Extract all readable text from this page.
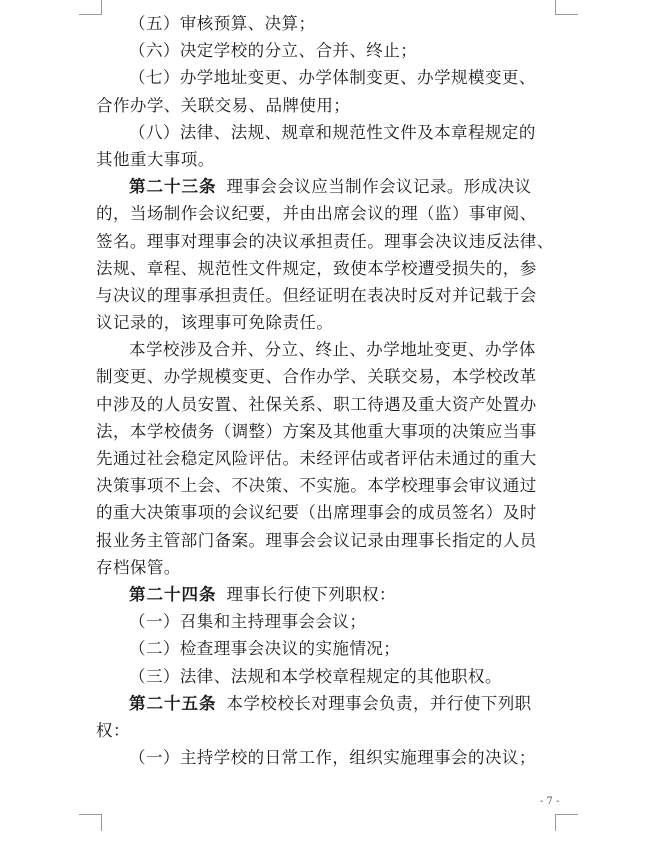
（五）审核预算、决算；
（六）决定学校的分立、合并、终止；
（七）办学地址变更、办学体制变更、办学规模变更、
合作办学、关联交易、品牌使用；
（八）法律、法规、规章和规范性文件及本章程规定的
其他重大事项。
第二十三条 理事会会议应当制作会议记录。形成决议
的，当场制作会议纪要，并由出席会议的理（监）事审阅、
签名。理事对理事会的决议承担责任。理事会决议违反法律、
法规、章程、规范性文件规定，致使本学校遭受损失的，参
与决议的理事承担责任。但经证明在表决时反对并记载于会
议记录的，该理事可免除责任。
本学校涉及合并、分立、终止、办学地址变更、办学体
制变更、办学规模变更、合作办学、关联交易，本学校改革
中涉及的人员安置、社保关系、职工待遇及重大资产处置办
法，本学校债务（调整）方案及其他重大事项的决策应当事
先通过社会稳定风险评估。未经评估或者评估未通过的重大
决策事项不上会、不决策、不实施。本学校理事会审议通过
的重大决策事项的会议纪要（出席理事会的成员签名）及时
报业务主管部门备案。理事会会议记录由理事长指定的人员
存档保管。
第二十四条 理事长行使下列职权：
（一）召集和主持理事会会议；
（二）检查理事会决议的实施情况；
（三）法律、法规和本学校章程规定的其他职权。
第二十五条 本学校校长对理事会负责，并行使下列职
权：
（一）主持学校的日常工作，组织实施理事会的决议；
- 7 -
